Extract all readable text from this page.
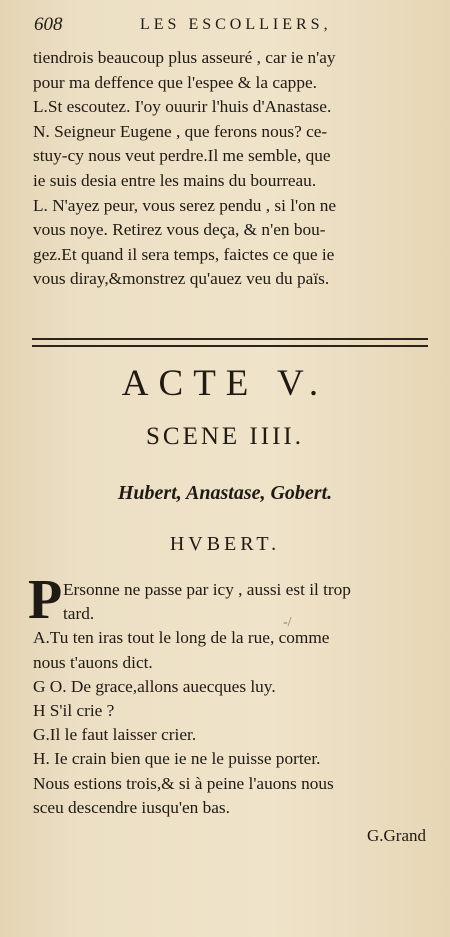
608	LES ESCOLLIERS,
tiendrois beaucoup plus asseuré , car ie n'ay
pour ma deffence que l'espee & la cappe.
L.St escoutez. I'oy ouurir l'huis d'Anastase.
N. Seigneur Eugene , que ferons nous? ce-
stuy-cy nous veut perdre.Il me semble, que
ie suis desia entre les mains du bourreau.
L. N'ayez peur, vous serez pendu , si l'on ne
vous noye. Retirez vous deça, & n'en bou-
gez.Et quand il sera temps, faictes ce que ie
vous diray,&monstrez qu'auez veu du païs.
ACTE V.
SCENE IIII.
Hubert, Anastase, Gobert.
HVBERT.
P	-/
Ersonne ne passe par icy , aussi est il trop
tard.
A.Tu ten iras tout le long de la rue, comme
nous t'auons dict.
G O. De grace,allons auecques luy.
H S'il crie ?
G.Il le faut laisser crier.
H. Ie crain bien que ie ne le puisse porter.
Nous estions trois,& si à peine l'auons nous
sceu descendre iusqu'en bas.
G.Grand
